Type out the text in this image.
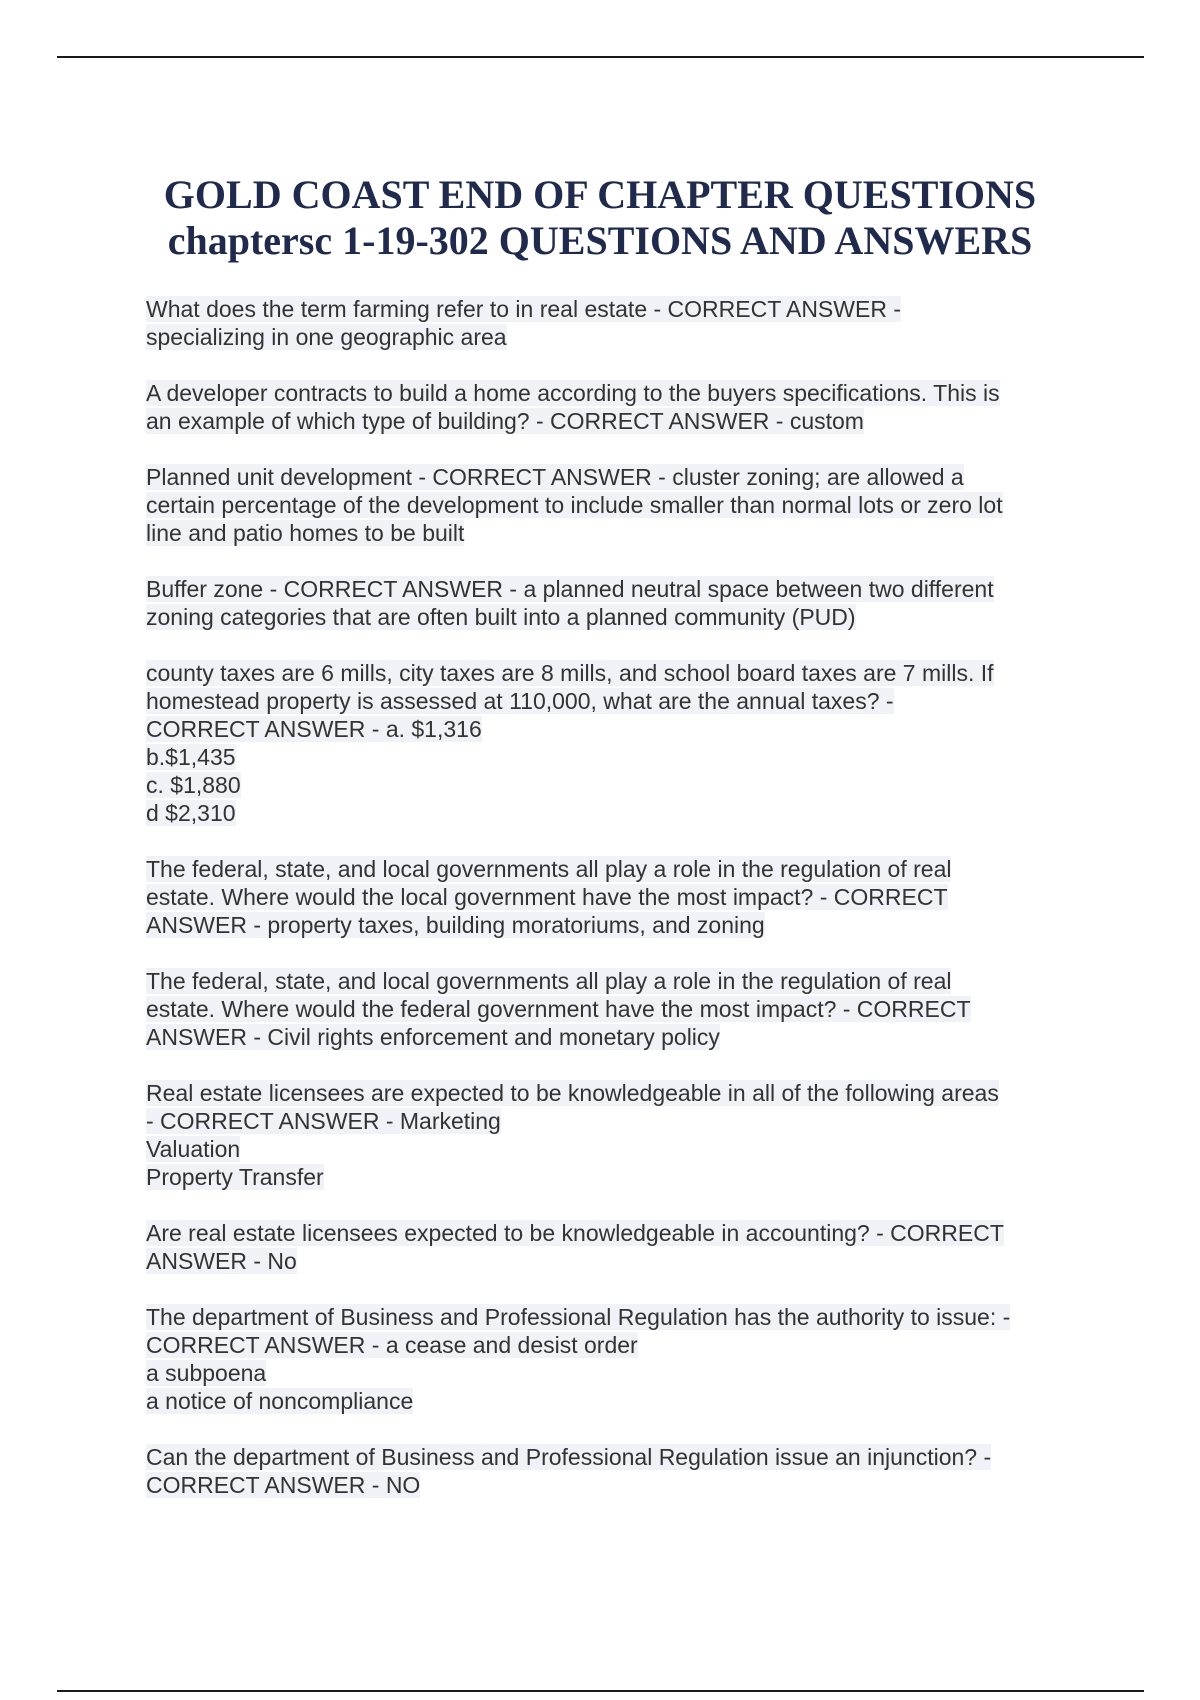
GOLD COAST END OF CHAPTER QUESTIONS
chaptersc 1-19-302 QUESTIONS AND ANSWERS
What does the term farming refer to in real estate - CORRECT ANSWER -
specializing in one geographic area
A developer contracts to build a home according to the buyers specifications. This is
an example of which type of building? - CORRECT ANSWER - custom
Planned unit development - CORRECT ANSWER - cluster zoning; are allowed a
certain percentage of the development to include smaller than normal lots or zero lot
line and patio homes to be built
Buffer zone - CORRECT ANSWER - a planned neutral space between two different
zoning categories that are often built into a planned community (PUD)
county taxes are 6 mills, city taxes are 8 mills, and school board taxes are 7 mills. If
homestead property is assessed at 110,000, what are the annual taxes? -
CORRECT ANSWER - a. $1,316
b.$1,435
c. $1,880
d $2,310
The federal, state, and local governments all play a role in the regulation of real
estate. Where would the local government have the most impact? - CORRECT
ANSWER - property taxes, building moratoriums, and zoning
The federal, state, and local governments all play a role in the regulation of real
estate. Where would the federal government have the most impact? - CORRECT
ANSWER - Civil rights enforcement and monetary policy
Real estate licensees are expected to be knowledgeable in all of the following areas
- CORRECT ANSWER - Marketing
Valuation
Property Transfer
Are real estate licensees expected to be knowledgeable in accounting? - CORRECT
ANSWER - No
The department of Business and Professional Regulation has the authority to issue: -
CORRECT ANSWER - a cease and desist order
a subpoena
a notice of noncompliance
Can the department of Business and Professional Regulation issue an injunction? -
CORRECT ANSWER - NO
